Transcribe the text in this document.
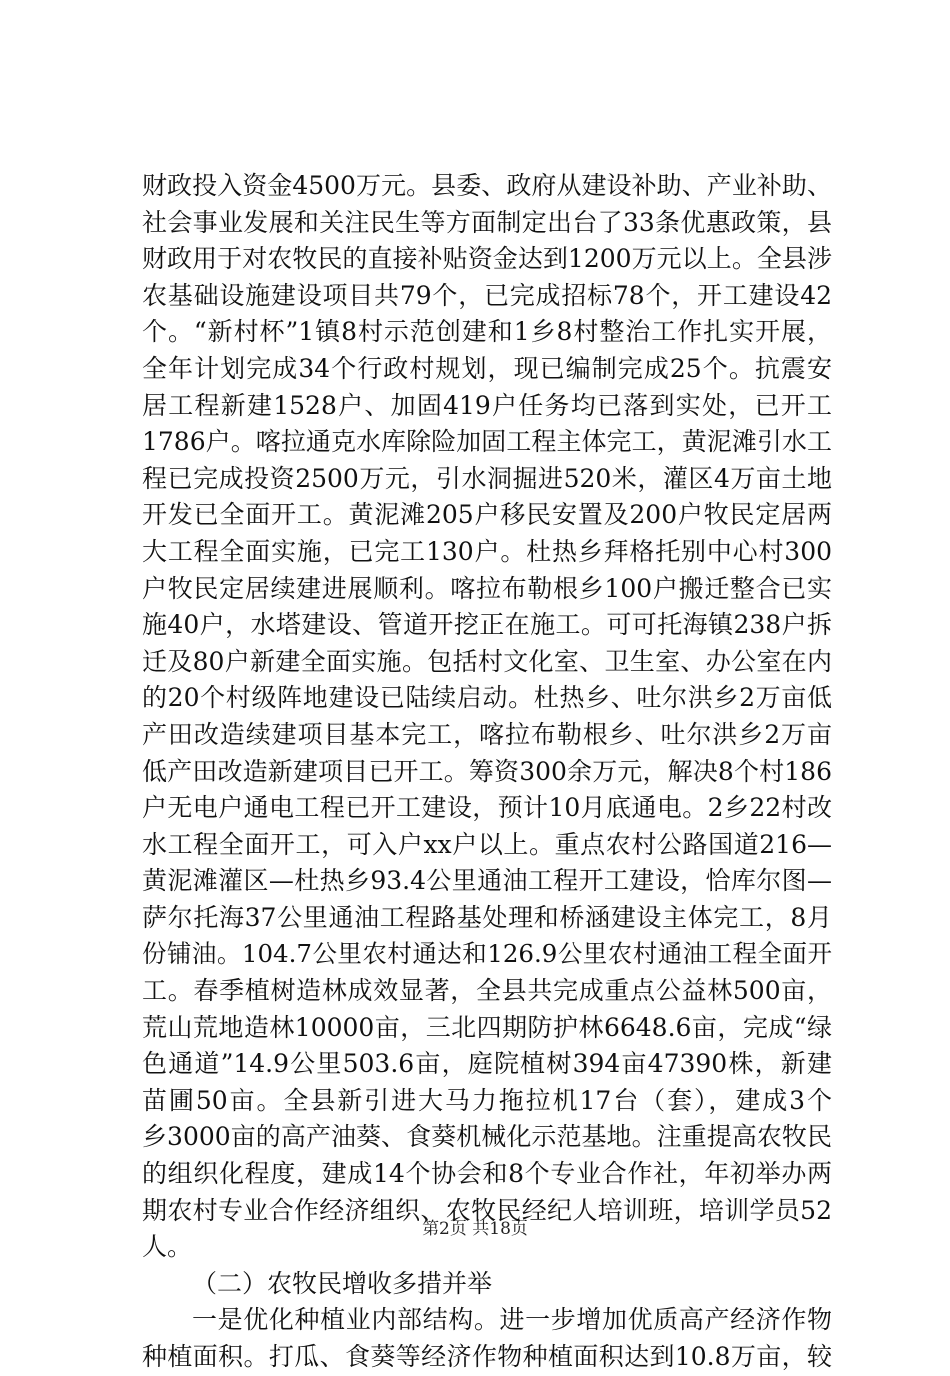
财政投入资金4500万元。县委、政府从建设补助、产业补助、
社会事业发展和关注民生等方面制定出台了33条优惠政策，县
财政用于对农牧民的直接补贴资金达到1200万元以上。全县涉
农基础设施建设项目共79个，已完成招标78个，开工建设42
个。“新村杯”1镇8村示范创建和1乡8村整治工作扎实开展，
全年计划完成34个行政村规划，现已编制完成25个。抗震安
居工程新建1528户、加固419户任务均已落到实处，已开工
1786户。喀拉通克水库除险加固工程主体完工，黄泥滩引水工
程已完成投资2500万元，引水洞掘进520米，灌区4万亩土地
开发已全面开工。黄泥滩205户移民安置及200户牧民定居两
大工程全面实施，已完工130户。杜热乡拜格托别中心村300
户牧民定居续建进展顺利。喀拉布勒根乡100户搬迁整合已实
施40户，水塔建设、管道开挖正在施工。可可托海镇238户拆
迁及80户新建全面实施。包括村文化室、卫生室、办公室在内
的20个村级阵地建设已陆续启动。杜热乡、吐尔洪乡2万亩低
产田改造续建项目基本完工，喀拉布勒根乡、吐尔洪乡2万亩
低产田改造新建项目已开工。筹资300余万元，解决8个村186
户无电户通电工程已开工建设，预计10月底通电。2乡22村改
水工程全面开工，可入户xx户以上。重点农村公路国道216—
黄泥滩灌区—杜热乡93.4公里通油工程开工建设，恰库尔图—
萨尔托海37公里通油工程路基处理和桥涵建设主体完工，8月
份铺油。104.7公里农村通达和126.9公里农村通油工程全面开
工。春季植树造林成效显著，全县共完成重点公益林500亩，
荒山荒地造林10000亩，三北四期防护林6648.6亩，完成“绿
色通道”14.9公里503.6亩，庭院植树394亩47390株，新建
苗圃50亩。全县新引进大马力拖拉机17台（套），建成3个
乡3000亩的高产油葵、食葵机械化示范基地。注重提高农牧民
的组织化程度，建成14个协会和8个专业合作社，年初举办两
期农村专业合作经济组织、农牧民经纪人培训班，培训学员52
人。
（二）农牧民增收多措并举
一是优化种植业内部结构。进一步增加优质高产经济作物
种植面积。打瓜、食葵等经济作物种植面积达到10.8万亩，较
第2页 共18页
